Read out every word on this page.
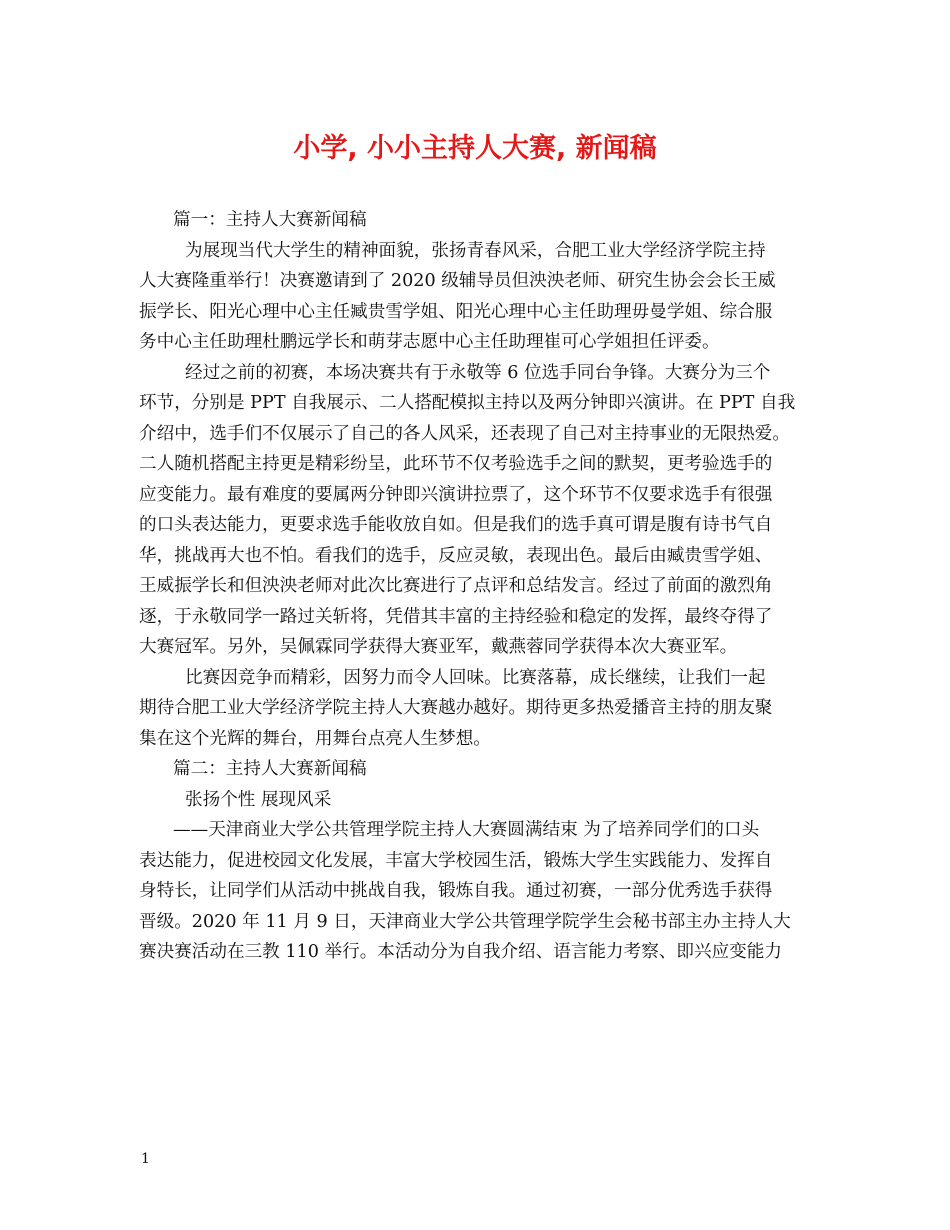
小学, 小小主持人大赛, 新闻稿
篇一：主持人大赛新闻稿
为展现当代大学生的精神面貌，张扬青春风采，合肥工业大学经济学院主持
人大赛隆重举行！决赛邀请到了 2020 级辅导员但泱泱老师、研究生协会会长王威
振学长、阳光心理中心主任臧贵雪学姐、阳光心理中心主任助理毋曼学姐、综合服
务中心主任助理杜鹏远学长和萌芽志愿中心主任助理崔可心学姐担任评委。
经过之前的初赛，本场决赛共有于永敬等 6 位选手同台争锋。大赛分为三个
环节，分别是 PPT 自我展示、二人搭配模拟主持以及两分钟即兴演讲。在 PPT 自我
介绍中，选手们不仅展示了自己的各人风采，还表现了自己对主持事业的无限热爱。
二人随机搭配主持更是精彩纷呈，此环节不仅考验选手之间的默契，更考验选手的
应变能力。最有难度的要属两分钟即兴演讲拉票了，这个环节不仅要求选手有很强
的口头表达能力，更要求选手能收放自如。但是我们的选手真可谓是腹有诗书气自
华，挑战再大也不怕。看我们的选手，反应灵敏，表现出色。最后由臧贵雪学姐、
王威振学长和但泱泱老师对此次比赛进行了点评和总结发言。经过了前面的激烈角
逐，于永敬同学一路过关斩将，凭借其丰富的主持经验和稳定的发挥，最终夺得了
大赛冠军。另外，吴佩霖同学获得大赛亚军，戴燕蓉同学获得本次大赛亚军。
比赛因竞争而精彩，因努力而令人回味。比赛落幕，成长继续，让我们一起
期待合肥工业大学经济学院主持人大赛越办越好。期待更多热爱播音主持的朋友聚
集在这个光辉的舞台，用舞台点亮人生梦想。
篇二：主持人大赛新闻稿
张扬个性 展现风采
——天津商业大学公共管理学院主持人大赛圆满结束 为了培养同学们的口头
表达能力，促进校园文化发展，丰富大学校园生活，锻炼大学生实践能力、发挥自
身特长，让同学们从活动中挑战自我，锻炼自我。通过初赛，一部分优秀选手获得
晋级。2020 年 11 月 9 日，天津商业大学公共管理学院学生会秘书部主办主持人大
赛决赛活动在三教 110 举行。本活动分为自我介绍、语言能力考察、即兴应变能力
1
